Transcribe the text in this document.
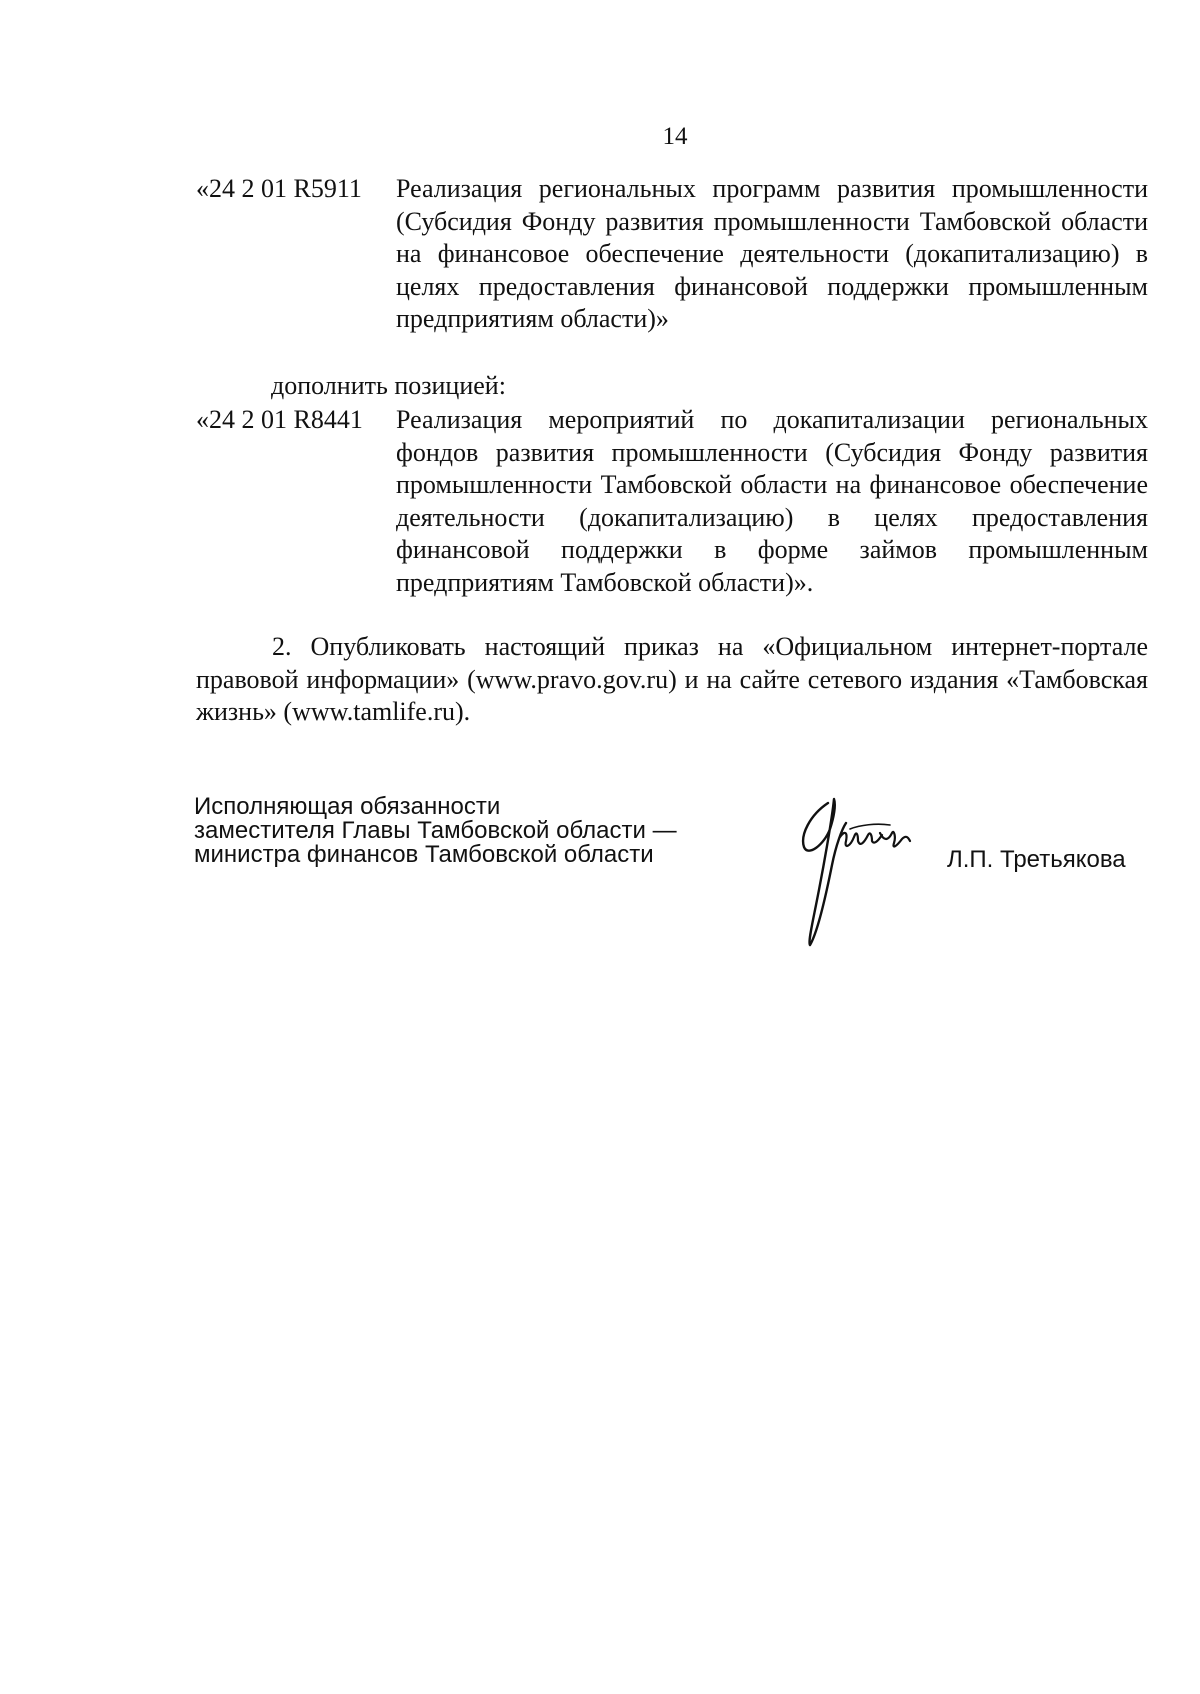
14
«24 2 01 R5911 Реализация региональных программ развития промышленности (Субсидия Фонду развития промышленности Тамбовской области на финансовое обеспечение деятельности (докапитализацию) в целях предоставления финансовой поддержки промышленным предприятиям области)»
дополнить позицией:
«24 2 01 R8441 Реализация мероприятий по докапитализации региональных фондов развития промышленности (Субсидия Фонду развития промышленности Тамбовской области на финансовое обеспечение деятельности (докапитализацию) в целях предоставления финансовой поддержки в форме займов промышленным предприятиям Тамбовской области)».
2. Опубликовать настоящий приказ на «Официальном интернет-портале правовой информации» (www.pravo.gov.ru) и на сайте сетевого издания «Тамбовская жизнь» (www.tamlife.ru).
Исполняющая обязанности
заместителя Главы Тамбовской области —
министра финансов Тамбовской области	Л.П. Третьякова
